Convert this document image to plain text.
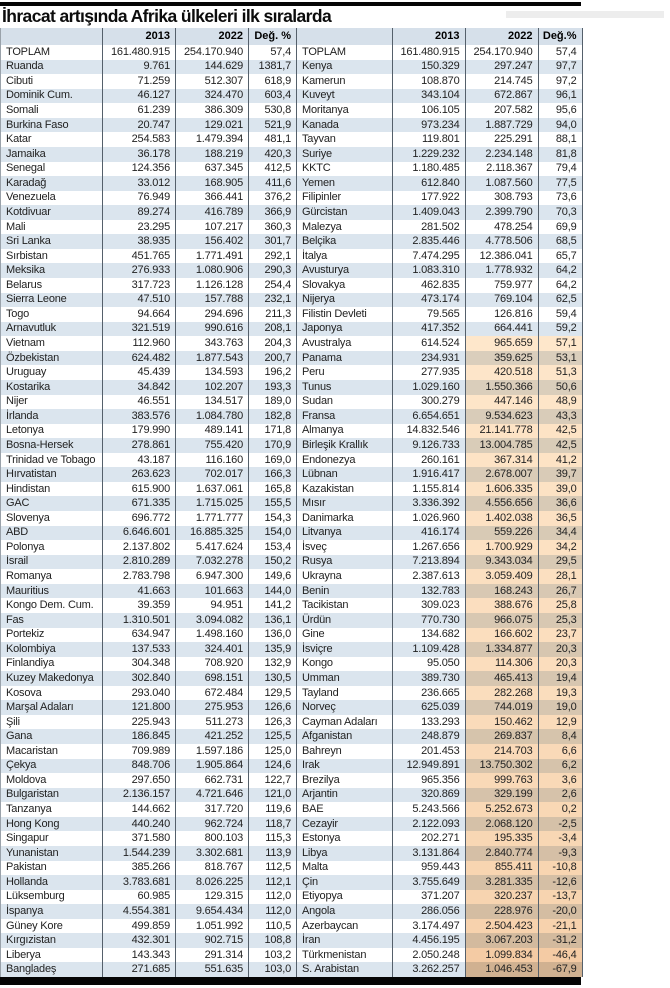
İhracat artışında Afrika ülkeleri ilk sıralarda
	2013	2022	Değ. %
TOPLAM	161.480.915	254.170.940	57,4
Ruanda	9.761	144.629	1381,7
Cibuti	71.259	512.307	618,9
Dominik Cum.	46.127	324.470	603,4
Somali	61.239	386.309	530,8
Burkina Faso	20.747	129.021	521,9
Katar	254.583	1.479.394	481,1
Jamaika	36.178	188.219	420,3
Senegal	124.356	637.345	412,5
Karadağ	33.012	168.905	411,6
Venezuela	76.949	366.441	376,2
Kotdivuar	89.274	416.789	366,9
Mali	23.295	107.217	360,3
Sri Lanka	38.935	156.402	301,7
Sırbistan	451.765	1.771.491	292,1
Meksika	276.933	1.080.906	290,3
Belarus	317.723	1.126.128	254,4
Sierra Leone	47.510	157.788	232,1
Togo	94.664	294.696	211,3
Arnavutluk	321.519	990.616	208,1
Vietnam	112.960	343.763	204,3
Özbekistan	624.482	1.877.543	200,7
Uruguay	45.439	134.593	196,2
Kostarika	34.842	102.207	193,3
Nijer	46.551	134.517	189,0
İrlanda	383.576	1.084.780	182,8
Letonya	179.990	489.141	171,8
Bosna-Hersek	278.861	755.420	170,9
Trinidad ve Tobago	43.187	116.160	169,0
Hırvatistan	263.623	702.017	166,3
Hindistan	615.900	1.637.061	165,8
GAC	671.335	1.715.025	155,5
Slovenya	696.772	1.771.777	154,3
ABD	6.646.601	16.885.325	154,0
Polonya	2.137.802	5.417.624	153,4
İsrail	2.810.289	7.032.278	150,2
Romanya	2.783.798	6.947.300	149,6
Mauritius	41.663	101.663	144,0
Kongo Dem. Cum.	39.359	94.951	141,2
Fas	1.310.501	3.094.082	136,1
Portekiz	634.947	1.498.160	136,0
Kolombiya	137.533	324.401	135,9
Finlandiya	304.348	708.920	132,9
Kuzey Makedonya	302.840	698.151	130,5
Kosova	293.040	672.484	129,5
Marşal Adaları	121.800	275.953	126,6
Şili	225.943	511.273	126,3
Gana	186.845	421.252	125,5
Macaristan	709.989	1.597.186	125,0
Çekya	848.706	1.905.864	124,6
Moldova	297.650	662.731	122,7
Bulgaristan	2.136.157	4.721.646	121,0
Tanzanya	144.662	317.720	119,6
Hong Kong	440.240	962.724	118,7
Singapur	371.580	800.103	115,3
Yunanistan	1.544.239	3.302.681	113,9
Pakistan	385.266	818.767	112,5
Hollanda	3.783.681	8.026.225	112,1
Lüksemburg	60.985	129.315	112,0
İspanya	4.554.381	9.654.434	112,0
Güney Kore	499.859	1.051.992	110,5
Kırgızistan	432.301	902.715	108,8
Liberya	143.343	291.314	103,2
Bangladeş	271.685	551.635	103,0
	2013	2022	Değ.%
TOPLAM	161.480.915	254.170.940	57,4
Kenya	150.329	297.247	97,7
Kamerun	108.870	214.745	97,2
Kuveyt	343.104	672.867	96,1
Moritanya	106.105	207.582	95,6
Kanada	973.234	1.887.729	94,0
Tayvan	119.801	225.291	88,1
Suriye	1.229.232	2.234.148	81,8
KKTC	1.180.485	2.118.367	79,4
Yemen	612.840	1.087.560	77,5
Filipinler	177.922	308.793	73,6
Gürcistan	1.409.043	2.399.790	70,3
Malezya	281.502	478.254	69,9
Belçika	2.835.446	4.778.506	68,5
İtalya	7.474.295	12.386.041	65,7
Avusturya	1.083.310	1.778.932	64,2
Slovakya	462.835	759.977	64,2
Nijerya	473.174	769.104	62,5
Filistin Devleti	79.565	126.816	59,4
Japonya	417.352	664.441	59,2
Avustralya	614.524	965.659	57,1
Panama	234.931	359.625	53,1
Peru	277.935	420.518	51,3
Tunus	1.029.160	1.550.366	50,6
Sudan	300.279	447.146	48,9
Fransa	6.654.651	9.534.623	43,3
Almanya	14.832.546	21.141.778	42,5
Birleşik Krallık	9.126.733	13.004.785	42,5
Endonezya	260.161	367.314	41,2
Lübnan	1.916.417	2.678.007	39,7
Kazakistan	1.155.814	1.606.335	39,0
Mısır	3.336.392	4.556.656	36,6
Danimarka	1.026.960	1.402.038	36,5
Litvanya	416.174	559.226	34,4
İsveç	1.267.656	1.700.929	34,2
Rusya	7.213.894	9.343.034	29,5
Ukrayna	2.387.613	3.059.409	28,1
Benin	132.783	168.243	26,7
Tacikistan	309.023	388.676	25,8
Ürdün	770.730	966.075	25,3
Gine	134.682	166.602	23,7
İsviçre	1.109.428	1.334.877	20,3
Kongo	95.050	114.306	20,3
Umman	389.730	465.413	19,4
Tayland	236.665	282.268	19,3
Norveç	625.039	744.019	19,0
Cayman Adaları	133.293	150.462	12,9
Afganistan	248.879	269.837	8,4
Bahreyn	201.453	214.703	6,6
Irak	12.949.891	13.750.302	6,2
Brezilya	965.356	999.763	3,6
Arjantin	320.869	329.199	2,6
BAE	5.243.566	5.252.673	0,2
Cezayir	2.122.093	2.068.120	-2,5
Estonya	202.271	195.335	-3,4
Libya	3.131.864	2.840.774	-9,3
Malta	959.443	855.411	-10,8
Çin	3.755.649	3.281.335	-12,6
Etiyopya	371.207	320.237	-13,7
Angola	286.056	228.976	-20,0
Azerbaycan	3.174.497	2.504.423	-21,1
İran	4.456.195	3.067.203	-31,2
Türkmenistan	2.050.248	1.099.834	-46,4
S. Arabistan	3.262.257	1.046.453	-67,9
